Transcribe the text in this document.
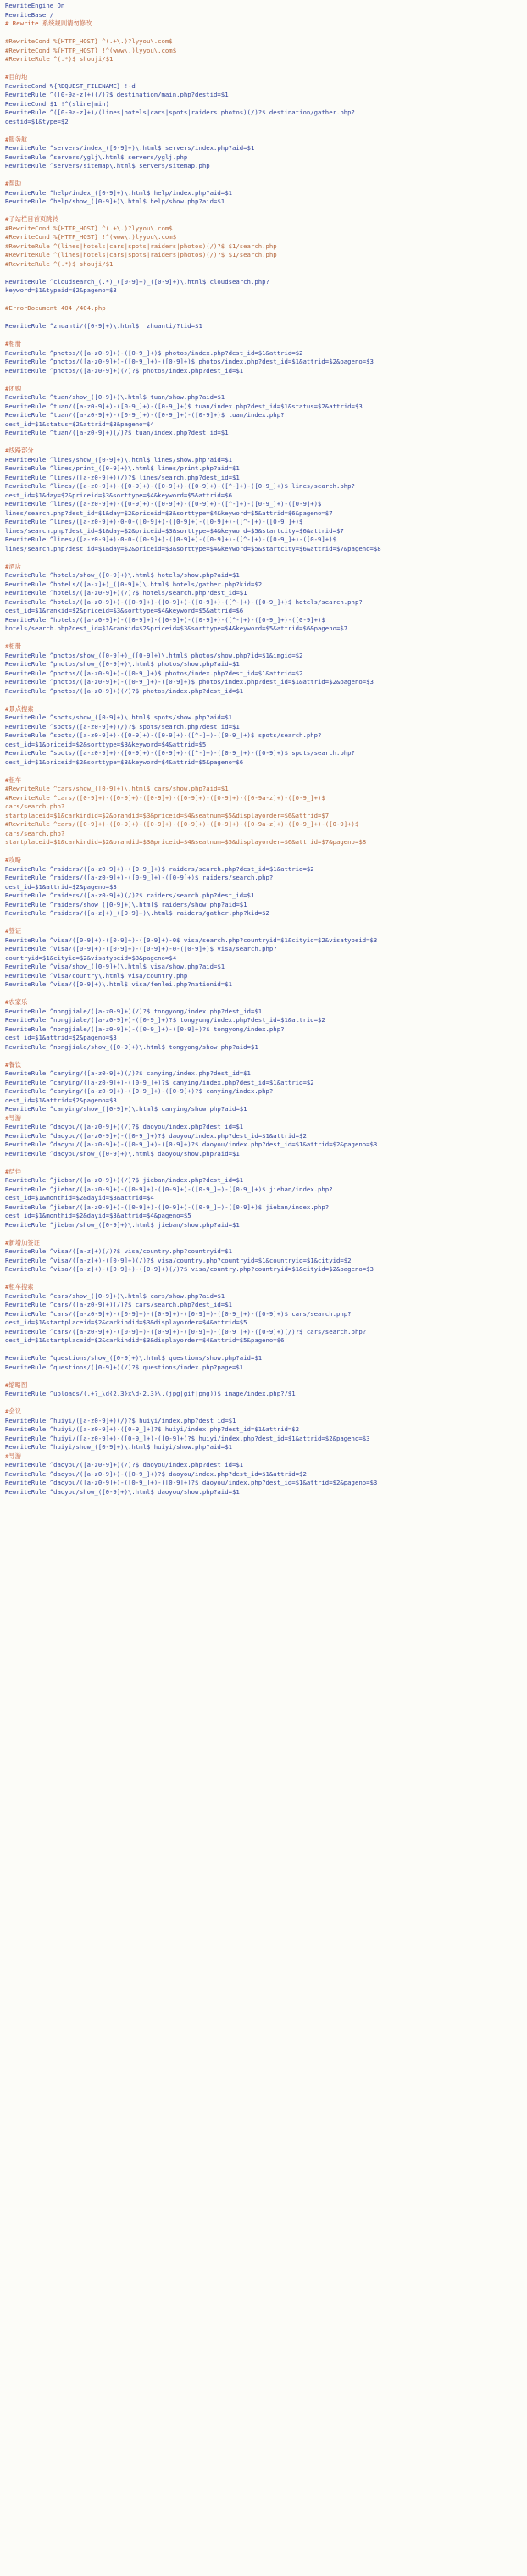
RewriteEngine On
RewriteBase /
# Rewrite 系统规则请勿修改
#RewriteCond %{HTTP_HOST} ^(.+\.)?lyyou\.com$
#RewriteCond %{HTTP_HOST} !^(www\.)lyyou\.com$
#RewriteRule ^(.*)$ shouji/$1
#目的地
RewriteCond %{REQUEST_FILENAME} !-d
RewriteRule ^([0-9a-z]+)(/)?$ destination/main.php?destid=$1
RewriteCond $1 !^(sline|min)
RewriteRule ^([0-9a-z]+)/(lines|hotels|cars|spots|raiders|photos)(/)?$ destination/gather.php?
destid=$1&type=$2
#服务航
RewriteRule ^servers/index_([0-9]+)\.html$ servers/index.php?aid=$1
RewriteRule ^servers/yglj\.html$ servers/yglj.php
RewriteRule ^servers/sitemap\.html$ servers/sitemap.php
#帮助
RewriteRule ^help/index_([0-9]+)\.html$ help/index.php?aid=$1
RewriteRule ^help/show_([0-9]+)\.html$ help/show.php?aid=$1
#子站栏目首页跳转
#RewriteCond %{HTTP_HOST} ^(.+\.)?lyyou\.com$
#RewriteCond %{HTTP_HOST} !^(www\.)lyyou\.com$
#RewriteRule ^(lines|hotels|cars|spots|raiders|photos)(/)?$ $1/search.php
#RewriteRule ^(lines|hotels|cars|spots|raiders|photos)(/)?$ $1/search.php
#RewriteRule ^(.*)$ shouji/$1
RewriteRule ^cloudsearch_(.*)_([0-9]+)_([0-9]+)\.html$ cloudsearch.php?
keyword=$1&typeid=$2&pageno=$3
#ErrorDocument 404 /404.php
RewriteRule ^zhuanti/([0-9]+)\.html$  zhuanti/?tid=$1
#相册
RewriteRule ^photos/([a-z0-9]+)-([0-9_]+)$ photos/index.php?dest_id=$1&attrid=$2
RewriteRule ^photos/([a-z0-9]+)-([0-9_]+)-([0-9]+)$ photos/index.php?dest_id=$1&attrid=$2&pageno=$3
RewriteRule ^photos/([a-z0-9]+)(/)?$ photos/index.php?dest_id=$1
#团购
RewriteRule ^tuan/show_([0-9]+)\.html$ tuan/show.php?aid=$1
RewriteRule ^tuan/([a-z0-9]+)-([0-9_]+)-([0-9_]+)$ tuan/index.php?dest_id=$1&status=$2&attrid=$3
RewriteRule ^tuan/([a-z0-9]+)-([0-9_]+)-([0-9_]+)-([0-9]+)$ tuan/index.php?
dest_id=$1&status=$2&attrid=$3&pageno=$4
RewriteRule ^tuan/([a-z0-9]+)(/)?$ tuan/index.php?dest_id=$1
#线路部分
RewriteRule ^lines/show_([0-9]+)\.html$ lines/show.php?aid=$1
RewriteRule ^lines/print_([0-9]+)\.html$ lines/print.php?aid=$1
RewriteRule ^lines/([a-z0-9]+)(/)?$ lines/search.php?dest_id=$1
RewriteRule ^lines/([a-z0-9]+)-([0-9]+)-([0-9]+)-([0-9]+)-([^-]+)-([0-9_]+)$ lines/search.php?
dest_id=$1&day=$2&priceid=$3&sorttype=$4&keyword=$5&attrid=$6
RewriteRule ^lines/([a-z0-9]+)-([0-9]+)-([0-9]+)-([0-9]+)-([^-]+)-([0-9_]+)-([0-9]+)$
lines/search.php?dest_id=$1&day=$2&priceid=$3&sorttype=$4&keyword=$5&attrid=$6&pageno=$7
RewriteRule ^lines/([a-z0-9]+)-0-0-([0-9]+)-([0-9]+)-([0-9]+)-([^-]+)-([0-9_]+)$
lines/search.php?dest_id=$1&day=$2&priceid=$3&sorttype=$4&keyword=$5&startcity=$6&attrid=$7
RewriteRule ^lines/([a-z0-9]+)-0-0-([0-9]+)-([0-9]+)-([0-9]+)-([^-]+)-([0-9_]+)-([0-9]+)$
lines/search.php?dest_id=$1&day=$2&priceid=$3&sorttype=$4&keyword=$5&startcity=$6&attrid=$7&pageno=$8
#酒店
RewriteRule ^hotels/show_([0-9]+)\.html$ hotels/show.php?aid=$1
RewriteRule ^hotels/([a-z]+)_([0-9]+)\.html$ hotels/gather.php?kid=$2
RewriteRule ^hotels/([a-z0-9]+)(/)?$ hotels/search.php?dest_id=$1
RewriteRule ^hotels/([a-z0-9]+)-([0-9]+)-([0-9]+)-([0-9]+)-([^-]+)-([0-9_]+)$ hotels/search.php?
dest_id=$1&rankid=$2&priceid=$3&sorttype=$4&keyword=$5&attrid=$6
RewriteRule ^hotels/([a-z0-9]+)-([0-9]+)-([0-9]+)-([0-9]+)-([^-]+)-([0-9_]+)-([0-9]+)$
hotels/search.php?dest_id=$1&rankid=$2&priceid=$3&sorttype=$4&keyword=$5&attrid=$6&pageno=$7
#相册
RewriteRule ^photos/show_([0-9]+)_([0-9]+)\.html$ photos/show.php?id=$1&imgid=$2
RewriteRule ^photos/show_([0-9]+)\.html$ photos/show.php?aid=$1
RewriteRule ^photos/([a-z0-9]+)-([0-9_]+)$ photos/index.php?dest_id=$1&attrid=$2
RewriteRule ^photos/([a-z0-9]+)-([0-9_]+)-([0-9]+)$ photos/index.php?dest_id=$1&attrid=$2&pageno=$3
RewriteRule ^photos/([a-z0-9]+)(/)?$ photos/index.php?dest_id=$1
#景点搜索
RewriteRule ^spots/show_([0-9]+)\.html$ spots/show.php?aid=$1
RewriteRule ^spots/([a-z0-9]+)(/)?$ spots/search.php?dest_id=$1
RewriteRule ^spots/([a-z0-9]+)-([0-9]+)-([0-9]+)-([^-]+)-([0-9_]+)$ spots/search.php?
dest_id=$1&priceid=$2&sorttype=$3&keyword=$4&attrid=$5
RewriteRule ^spots/([a-z0-9]+)-([0-9]+)-([0-9]+)-([^-]+)-([0-9_]+)-([0-9]+)$ spots/search.php?
dest_id=$1&priceid=$2&sorttype=$3&keyword=$4&attrid=$5&pageno=$6
#租车
#RewriteRule ^cars/show_([0-9]+)\.html$ cars/show.php?aid=$1
#RewriteRule ^cars/([0-9]+)-([0-9]+)-([0-9]+)-([0-9]+)-([0-9]+)-([0-9a-z]+)-([0-9_]+)$
cars/search.php?
startplaceid=$1&carkindid=$2&brandid=$3&priceid=$4&seatnum=$5&displayorder=$6&attrid=$7
#RewriteRule ^cars/([0-9]+)-([0-9]+)-([0-9]+)-([0-9]+)-([0-9]+)-([0-9a-z]+)-([0-9_]+)-([0-9]+)$
cars/search.php?
startplaceid=$1&carkindid=$2&brandid=$3&priceid=$4&seatnum=$5&displayorder=$6&attrid=$7&pageno=$8
#攻略
RewriteRule ^raiders/([a-z0-9]+)-([0-9_]+)$ raiders/search.php?dest_id=$1&attrid=$2
RewriteRule ^raiders/([a-z0-9]+)-([0-9_]+)-([0-9]+)$ raiders/search.php?
dest_id=$1&attrid=$2&pageno=$3
RewriteRule ^raiders/([a-z0-9]+)(/)?$ raiders/search.php?dest_id=$1
RewriteRule ^raiders/show_([0-9]+)\.html$ raiders/show.php?aid=$1
RewriteRule ^raiders/([a-z]+)_([0-9]+)\.html$ raiders/gather.php?kid=$2
#签证
RewriteRule ^visa/([0-9]+)-([0-9]+)-([0-9]+)-0$ visa/search.php?countryid=$1&cityid=$2&visatypeid=$3
RewriteRule ^visa/([0-9]+)-([0-9]+)-([0-9]+)-0-([0-9]+)$ visa/search.php?
countryid=$1&cityid=$2&visatypeid=$3&pageno=$4
RewriteRule ^visa/show_([0-9]+)\.html$ visa/show.php?aid=$1
RewriteRule ^visa/country\.html$ visa/country.php
RewriteRule ^visa/([0-9]+)\.html$ visa/fenlei.php?nationid=$1
#农家乐
RewriteRule ^nongjiale/([a-z0-9]+)(/)?$ tongyong/index.php?dest_id=$1
RewriteRule ^nongjiale/([a-z0-9]+)-([0-9_]+)?$ tongyong/index.php?dest_id=$1&attrid=$2
RewriteRule ^nongjiale/([a-z0-9]+)-([0-9_]+)-([0-9]+)?$ tongyong/index.php?
dest_id=$1&attrid=$2&pageno=$3
RewriteRule ^nongjiale/show_([0-9]+)\.html$ tongyong/show.php?aid=$1
#餐饮
RewriteRule ^canying/([a-z0-9]+)(/)?$ canying/index.php?dest_id=$1
RewriteRule ^canying/([a-z0-9]+)-([0-9_]+)?$ canying/index.php?dest_id=$1&attrid=$2
RewriteRule ^canying/([a-z0-9]+)-([0-9_]+)-([0-9]+)?$ canying/index.php?
dest_id=$1&attrid=$2&pageno=$3
RewriteRule ^canying/show_([0-9]+)\.html$ canying/show.php?aid=$1
#导游
RewriteRule ^daoyou/([a-z0-9]+)(/)?$ daoyou/index.php?dest_id=$1
RewriteRule ^daoyou/([a-z0-9]+)-([0-9_]+)?$ daoyou/index.php?dest_id=$1&attrid=$2
RewriteRule ^daoyou/([a-z0-9]+)-([0-9_]+)-([0-9]+)?$ daoyou/index.php?dest_id=$1&attrid=$2&pageno=$3
RewriteRule ^daoyou/show_([0-9]+)\.html$ daoyou/show.php?aid=$1
#结伴
RewriteRule ^jieban/([a-z0-9]+)(/)?$ jieban/index.php?dest_id=$1
RewriteRule ^jieban/([a-z0-9]+)-([0-9]+)-([0-9]+)-([0-9_]+)-([0-9_]+)$ jieban/index.php?
dest_id=$1&monthid=$2&dayid=$3&attrid=$4
RewriteRule ^jieban/([a-z0-9]+)-([0-9]+)-([0-9]+)-([0-9_]+)-([0-9]+)$ jieban/index.php?
dest_id=$1&monthid=$2&dayid=$3&attrid=$4&pageno=$5
RewriteRule ^jieban/show_([0-9]+)\.html$ jieban/show.php?aid=$1
#新增加签证
RewriteRule ^visa/([a-z]+)(/)?$ visa/country.php?countryid=$1
RewriteRule ^visa/([a-z]+)-([0-9]+)(/)?$ visa/country.php?countryid=$1&countryid=$1&cityid=$2
RewriteRule ^visa/([a-z]+)-([0-9]+)-([0-9]+)(/)?$ visa/country.php?countryid=$1&cityid=$2&pageno=$3
#租车搜索
RewriteRule ^cars/show_([0-9]+)\.html$ cars/show.php?aid=$1
RewriteRule ^cars/([a-z0-9]+)(/)?$ cars/search.php?dest_id=$1
RewriteRule ^cars/([a-z0-9]+)-([0-9]+)-([0-9]+)-([0-9]+)-([0-9_]+)-([0-9]+)$ cars/search.php?
dest_id=$1&startplaceid=$2&carkindid=$3&displayorder=$4&attrid=$5
RewriteRule ^cars/([a-z0-9]+)-([0-9]+)-([0-9]+)-([0-9]+)-([0-9_]+)-([0-9]+)(/)?$ cars/search.php?
dest_id=$1&startplaceid=$2&carkindid=$3&displayorder=$4&attrid=$5&pageno=$6
RewriteRule ^questions/show_([0-9]+)\.html$ questions/show.php?aid=$1
RewriteRule ^questions/([0-9]+)(/)?$ questions/index.php?page=$1
#缩略图
RewriteRule ^uploads/(.+?_\d{2,3}x\d{2,3}\.(jpg|gif|png))$ image/index.php?/$1
#会议
RewriteRule ^huiyi/([a-z0-9]+)(/)?$ huiyi/index.php?dest_id=$1
RewriteRule ^huiyi/([a-z0-9]+)-([0-9_]+)?$ huiyi/index.php?dest_id=$1&attrid=$2
RewriteRule ^huiyi/([a-z0-9]+)-([0-9_]+)-([0-9]+)?$ huiyi/index.php?dest_id=$1&attrid=$2&pageno=$3
RewriteRule ^huiyi/show_([0-9]+)\.html$ huiyi/show.php?aid=$1
#导游
RewriteRule ^daoyou/([a-z0-9]+)(/)?$ daoyou/index.php?dest_id=$1
RewriteRule ^daoyou/([a-z0-9]+)-([0-9_]+)?$ daoyou/index.php?dest_id=$1&attrid=$2
RewriteRule ^daoyou/([a-z0-9]+)-([0-9_]+)-([0-9]+)?$ daoyou/index.php?dest_id=$1&attrid=$2&pageno=$3
RewriteRule ^daoyou/show_([0-9]+)\.html$ daoyou/show.php?aid=$1
